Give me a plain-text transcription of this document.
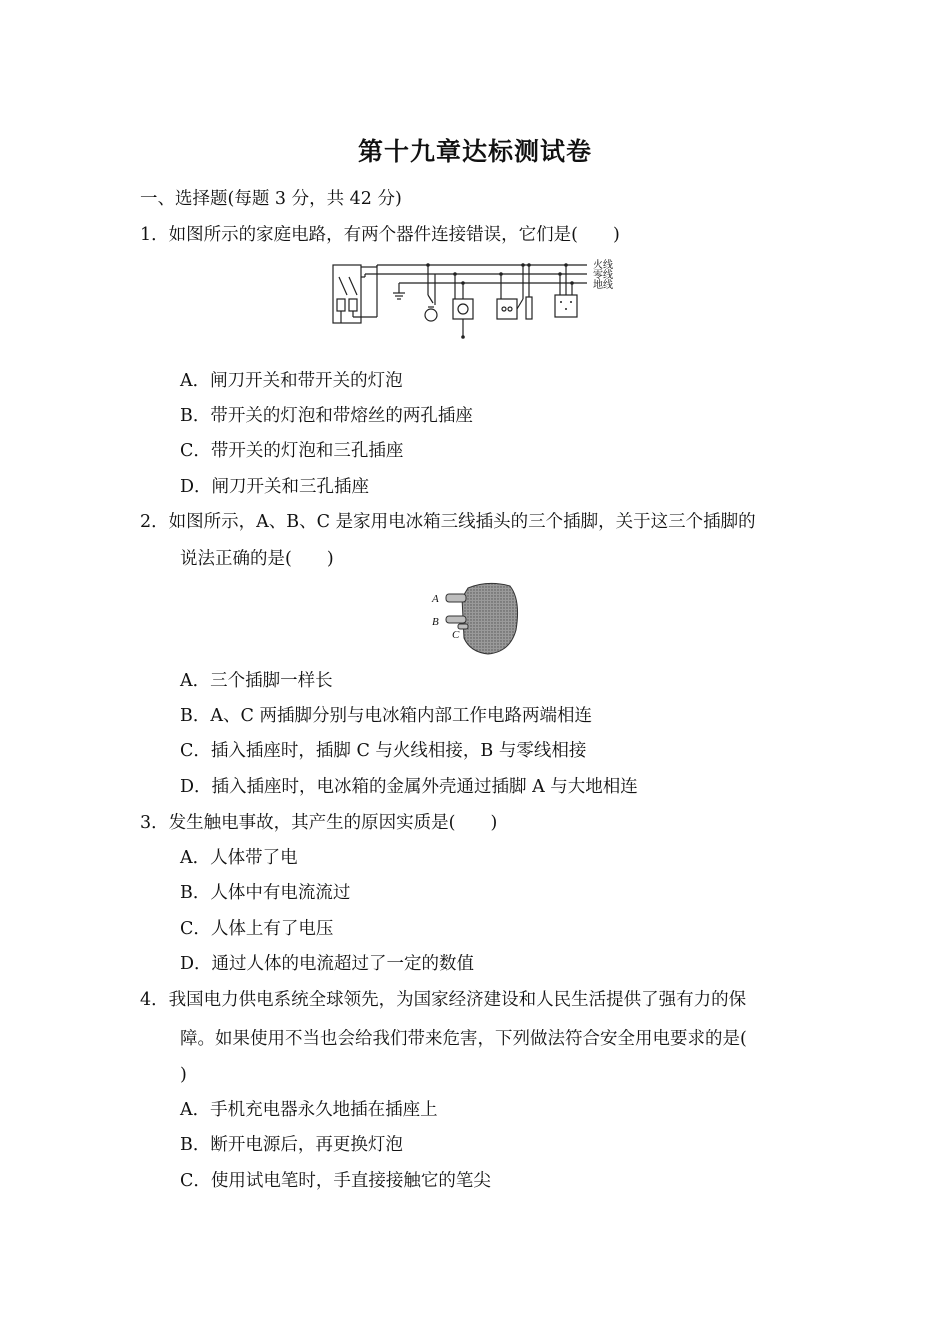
第十九章达标测试卷
一、选择题(每题 3 分，共 42 分)
1．如图所示的家庭电路，有两个器件连接错误，它们是(　　)
火线
零线
地线
A．闸刀开关和带开关的灯泡
B．带开关的灯泡和带熔丝的两孔插座
C．带开关的灯泡和三孔插座
D．闸刀开关和三孔插座
2．如图所示，A、B、C 是家用电冰箱三线插头的三个插脚，关于这三个插脚的
说法正确的是(　　)
A
B
C
A．三个插脚一样长
B．A、C 两插脚分别与电冰箱内部工作电路两端相连
C．插入插座时，插脚 C 与火线相接，B 与零线相接
D．插入插座时，电冰箱的金属外壳通过插脚 A 与大地相连
3．发生触电事故，其产生的原因实质是(　　)
A．人体带了电
B．人体中有电流流过
C．人体上有了电压
D．通过人体的电流超过了一定的数值
4．我国电力供电系统全球领先，为国家经济建设和人民生活提供了强有力的保
障。如果使用不当也会给我们带来危害，下列做法符合安全用电要求的是(
)
A．手机充电器永久地插在插座上
B．断开电源后，再更换灯泡
C．使用试电笔时，手直接接触它的笔尖
